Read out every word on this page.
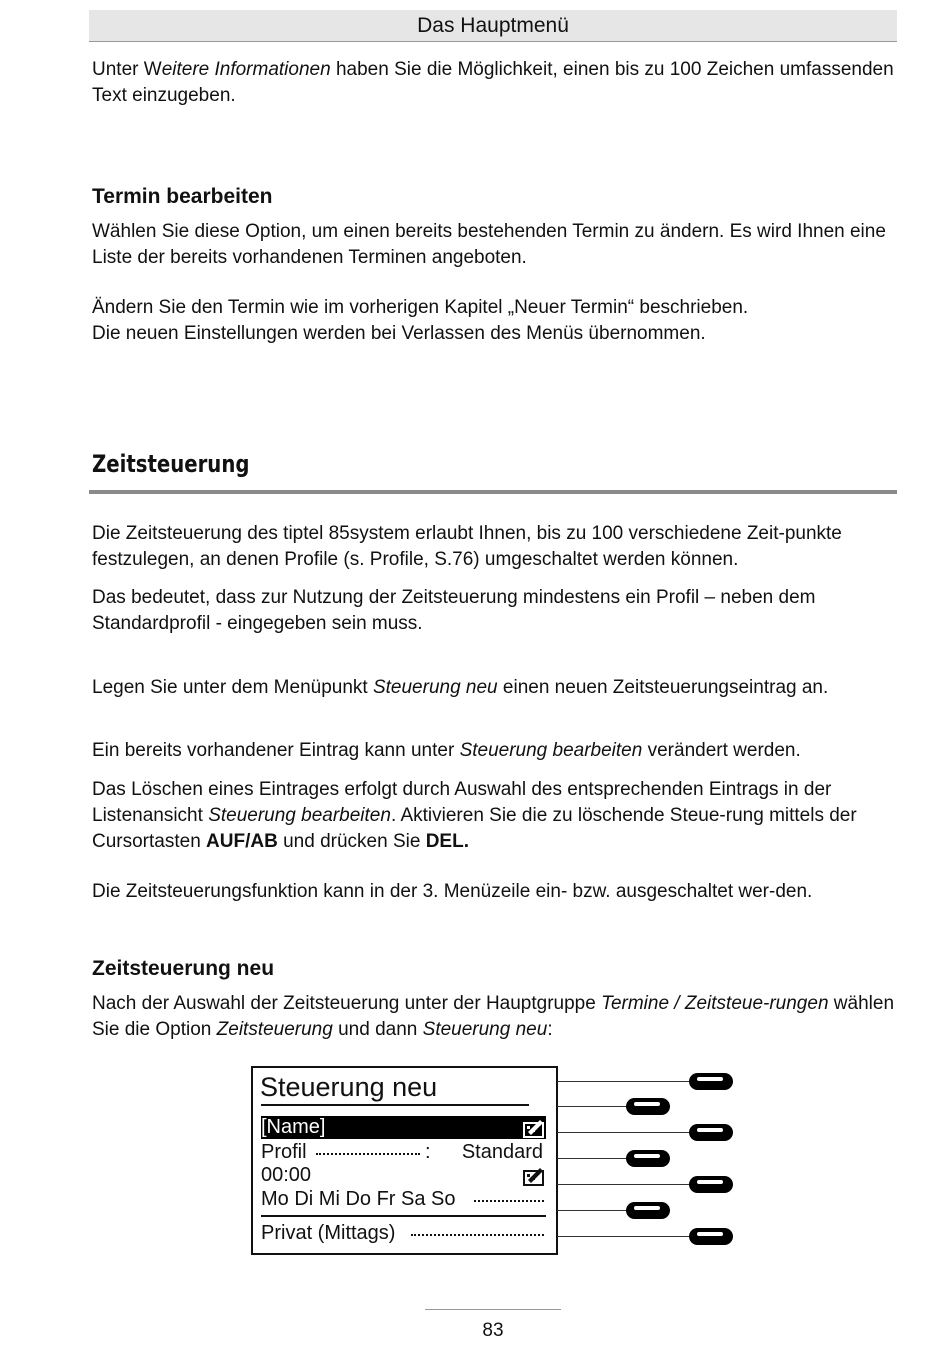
Das Hauptmenü

Unter Weitere Informationen haben Sie die Möglichkeit, einen bis zu 100 Zeichen umfassenden Text einzugeben.

Termin bearbeiten

Wählen Sie diese Option, um einen bereits bestehenden Termin zu ändern. Es wird Ihnen eine Liste der bereits vorhandenen Terminen angeboten.

Ändern Sie den Termin wie im vorherigen Kapitel „Neuer Termin“ beschrieben.
Die neuen Einstellungen werden bei Verlassen des Menüs übernommen.

Zeitsteuerung

Die Zeitsteuerung des tiptel 85system erlaubt Ihnen, bis zu 100 verschiedene Zeit-punkte festzulegen, an denen Profile (s. Profile, S.76) umgeschaltet werden können.

Das bedeutet, dass zur Nutzung der Zeitsteuerung mindestens ein Profil – neben dem Standardprofil - eingegeben sein muss.

Legen Sie unter dem Menüpunkt Steuerung neu einen neuen Zeitsteuerungseintrag an.

Ein bereits vorhandener Eintrag kann unter Steuerung bearbeiten verändert werden.

Das Löschen eines Eintrages erfolgt durch Auswahl des entsprechenden Eintrags in der Listenansicht Steuerung bearbeiten. Aktivieren Sie die zu löschende Steue-rung mittels der Cursortasten AUF/AB und drücken Sie DEL.

Die Zeitsteuerungsfunktion kann in der 3. Menüzeile ein- bzw. ausgeschaltet wer-den.

Zeitsteuerung neu

Nach der Auswahl der Zeitsteuerung unter der Hauptgruppe Termine / Zeitsteue-rungen wählen Sie die Option Zeitsteuerung und dann Steuerung neu:

Steuerung neu
[Name]
Profil	: Standard
00:00
Mo Di Mi Do Fr Sa So
Privat (Mittags)
83
